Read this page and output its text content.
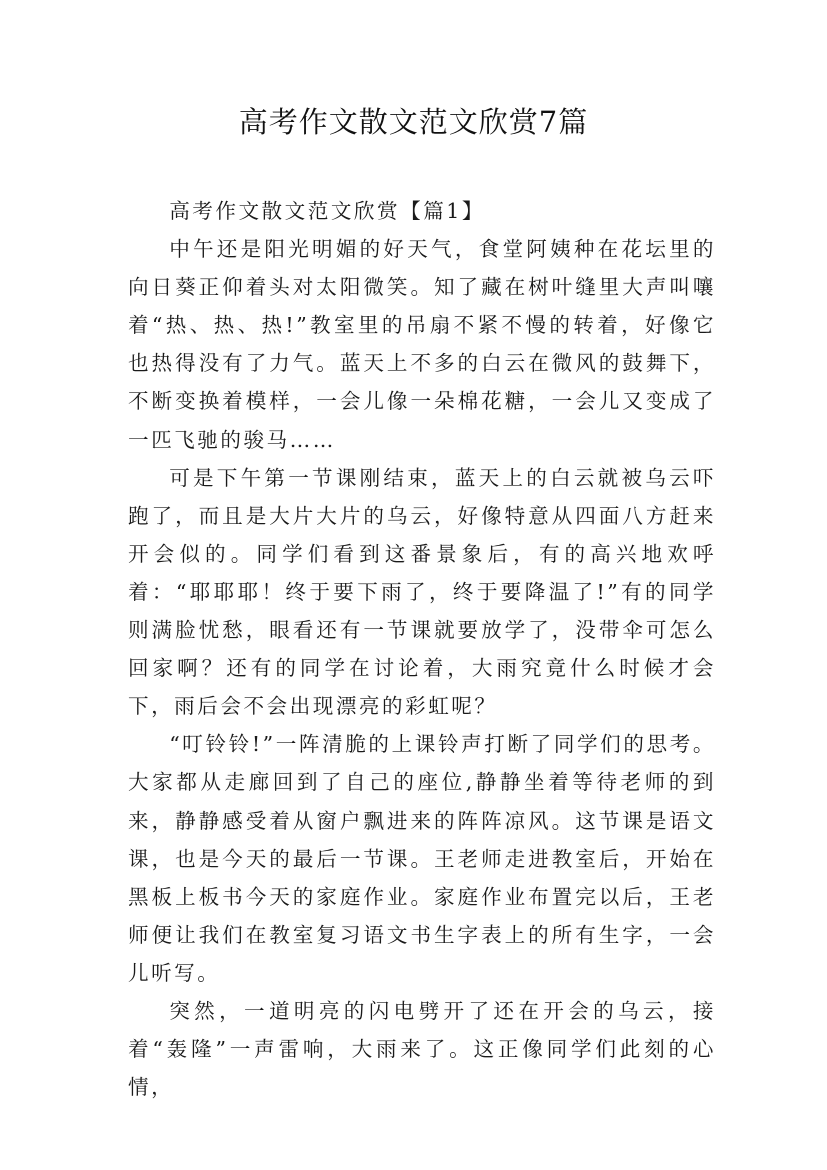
高考作文散文范文欣赏7篇

高考作文散文范文欣赏【篇1】

中午还是阳光明媚的好天气，食堂阿姨种在花坛里的向日葵正仰着头对太阳微笑。知了藏在树叶缝里大声叫嚷着“热、热、热!”教室里的吊扇不紧不慢的转着，好像它也热得没有了力气。蓝天上不多的白云在微风的鼓舞下，不断变换着模样，一会儿像一朵棉花糖，一会儿又变成了一匹飞驰的骏马……

可是下午第一节课刚结束，蓝天上的白云就被乌云吓跑了，而且是大片大片的乌云，好像特意从四面八方赶来开会似的。同学们看到这番景象后，有的高兴地欢呼着：“耶耶耶！终于要下雨了，终于要降温了!”有的同学则满脸忧愁，眼看还有一节课就要放学了，没带伞可怎么回家啊？还有的同学在讨论着，大雨究竟什么时候才会下，雨后会不会出现漂亮的彩虹呢？

“叮铃铃!”一阵清脆的上课铃声打断了同学们的思考。大家都从走廊回到了自己的座位,静静坐着等待老师的到来，静静感受着从窗户飘进来的阵阵凉风。这节课是语文课，也是今天的最后一节课。王老师走进教室后，开始在黑板上板书今天的家庭作业。家庭作业布置完以后，王老师便让我们在教室复习语文书生字表上的所有生字，一会儿听写。

突然，一道明亮的闪电劈开了还在开会的乌云，接着“轰隆”一声雷响，大雨来了。这正像同学们此刻的心情，
